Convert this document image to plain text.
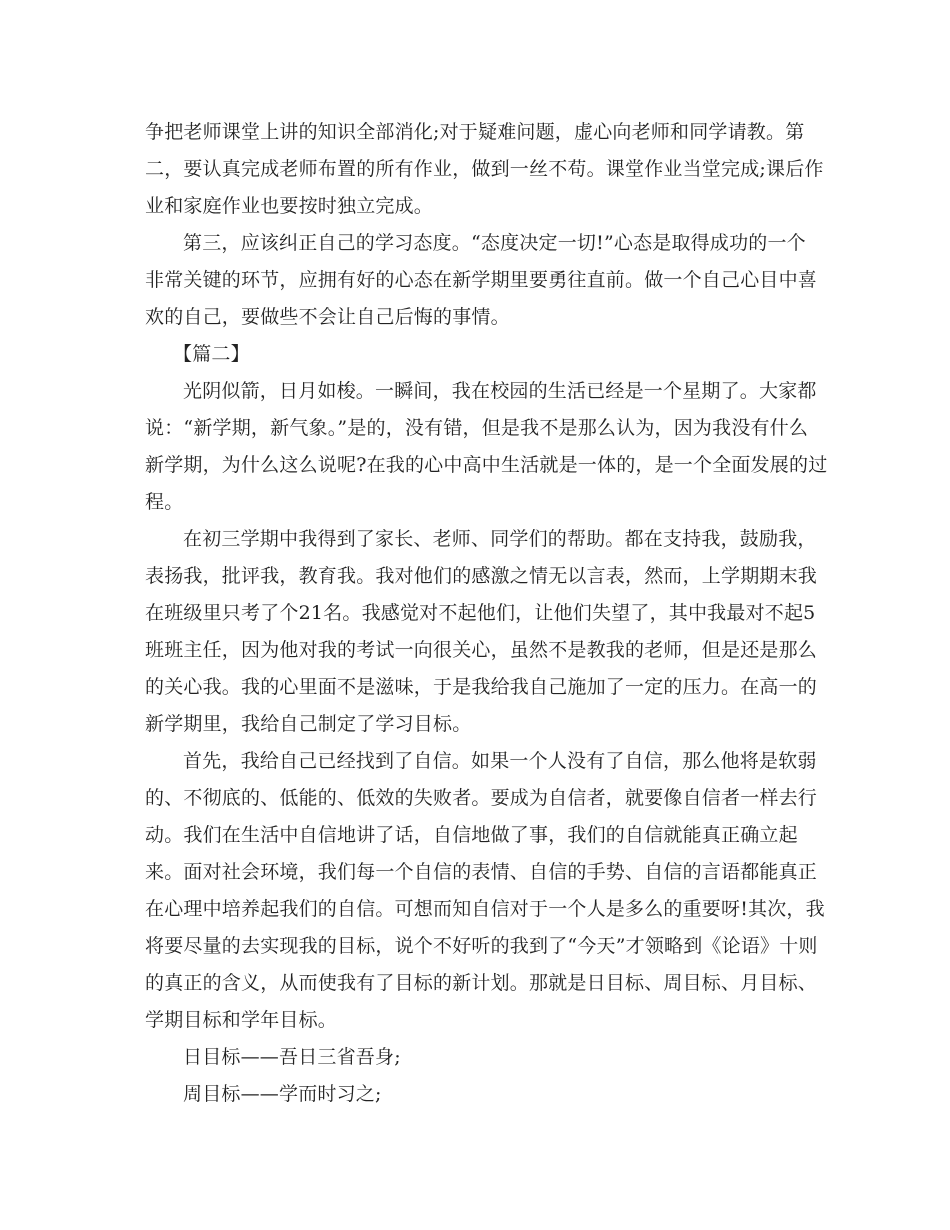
争把老师课堂上讲的知识全部消化;对于疑难问题，虚心向老师和同学请教。第
二，要认真完成老师布置的所有作业，做到一丝不苟。课堂作业当堂完成;课后作
业和家庭作业也要按时独立完成。
第三，应该纠正自己的学习态度。“态度决定一切!”心态是取得成功的一个
非常关键的环节，应拥有好的心态在新学期里要勇往直前。做一个自己心目中喜
欢的自己，要做些不会让自己后悔的事情。
【篇二】
光阴似箭，日月如梭。一瞬间，我在校园的生活已经是一个星期了。大家都
说：“新学期，新气象。”是的，没有错，但是我不是那么认为，因为我没有什么
新学期，为什么这么说呢?在我的心中高中生活就是一体的，是一个全面发展的过
程。
在初三学期中我得到了家长、老师、同学们的帮助。都在支持我，鼓励我，
表扬我，批评我，教育我。我对他们的感激之情无以言表，然而，上学期期末我
在班级里只考了个21名。我感觉对不起他们，让他们失望了，其中我最对不起5
班班主任，因为他对我的考试一向很关心，虽然不是教我的老师，但是还是那么
的关心我。我的心里面不是滋味，于是我给我自己施加了一定的压力。在高一的
新学期里，我给自己制定了学习目标。
首先，我给自己已经找到了自信。如果一个人没有了自信，那么他将是软弱
的、不彻底的、低能的、低效的失败者。要成为自信者，就要像自信者一样去行
动。我们在生活中自信地讲了话，自信地做了事，我们的自信就能真正确立起
来。面对社会环境，我们每一个自信的表情、自信的手势、自信的言语都能真正
在心理中培养起我们的自信。可想而知自信对于一个人是多么的重要呀!其次，我
将要尽量的去实现我的目标，说个不好听的我到了“今天”才领略到《论语》十则
的真正的含义，从而使我有了目标的新计划。那就是日目标、周目标、月目标、
学期目标和学年目标。
日目标——吾日三省吾身;
周目标——学而时习之;
